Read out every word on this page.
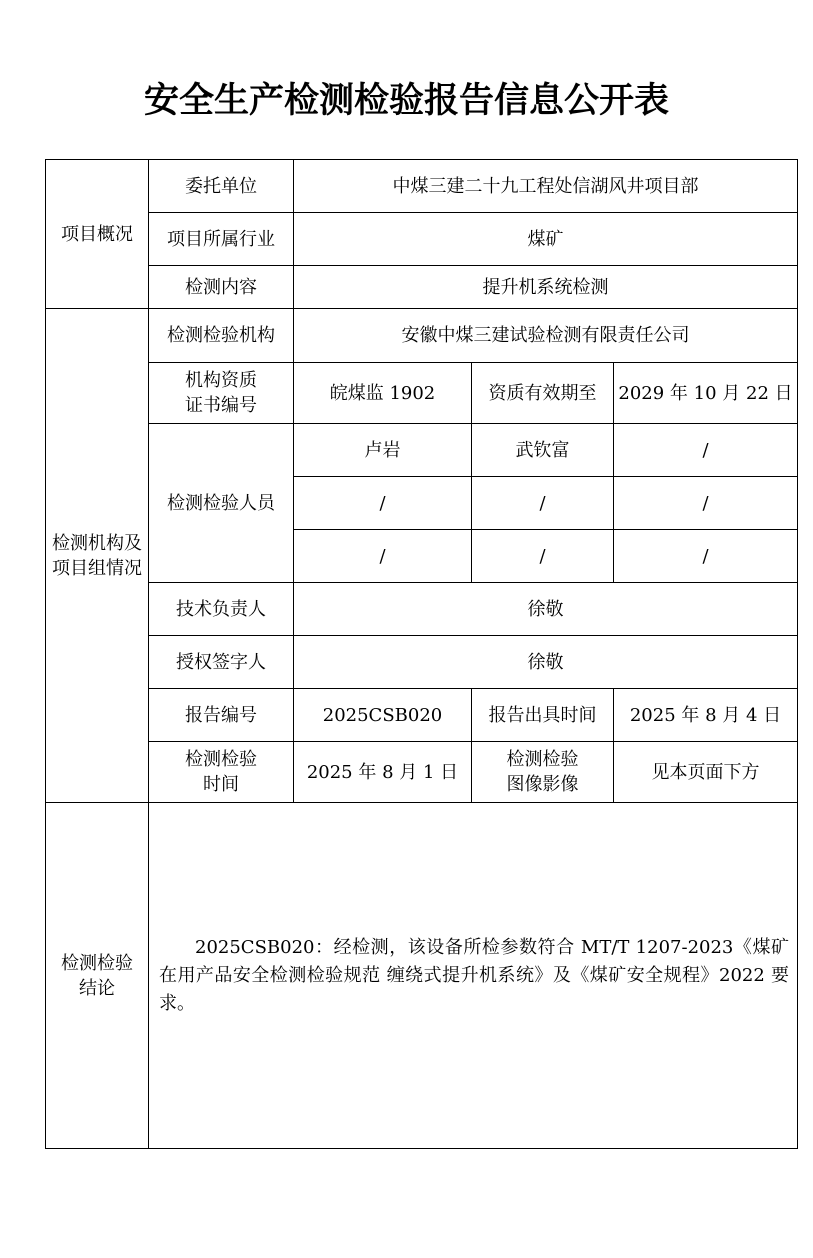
安全生产检测检验报告信息公开表
项目概况	委托单位	中煤三建二十九工程处信湖风井项目部		
	项目所属行业	煤矿		
	检测内容	提升机系统检测		
检测机构及项目组情况	检测检验机构	安徽中煤三建试验检测有限责任公司		
	机构资质证书编号	皖煤监 1902	资质有效期至	2029 年 10 月 22 日
	检测检验人员	卢岩	武钦富	/
		/	/	/
		/	/	/
	技术负责人	徐敬		
	授权签字人	徐敬		
	报告编号	2025CSB020	报告出具时间	2025 年 8 月 4 日
	检测检验时间	2025 年 8 月 1 日	检测检验图像影像	见本页面下方
检测检验结论	2025CSB020：经检测，该设备所检参数符合 MT/T 1207-2023《煤矿在用产品安全检测检验规范 缠绕式提升机系统》及《煤矿安全规程》2022 要求。			
